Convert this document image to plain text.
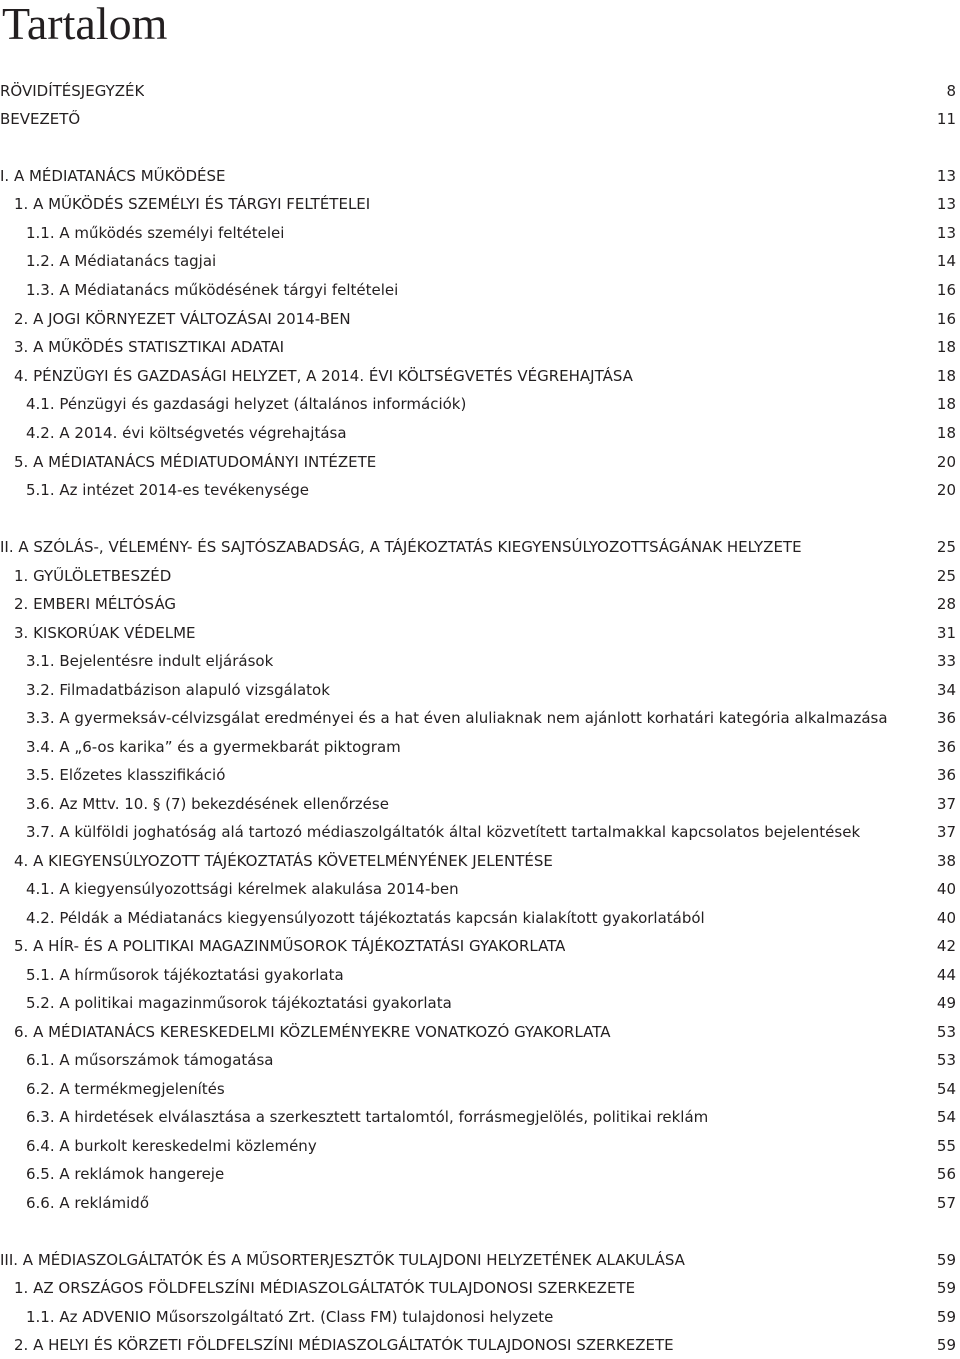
Tartalom
RÖVIDÍTÉSJEGYZÉK	8
BEVEZETŐ	11
I. A MÉDIATANÁCS MŰKÖDÉSE	13
1. A MŰKÖDÉS SZEMÉLYI ÉS TÁRGYI FELTÉTELEI	13
1.1. A működés személyi feltételei	13
1.2. A Médiatanács tagjai	14
1.3. A Médiatanács működésének tárgyi feltételei	16
2. A JOGI KÖRNYEZET VÁLTOZÁSAI 2014-BEN	16
3. A MŰKÖDÉS STATISZTIKAI ADATAI	18
4. PÉNZÜGYI ÉS GAZDASÁGI HELYZET, A 2014. ÉVI KÖLTSÉGVETÉS VÉGREHAJTÁSA	18
4.1. Pénzügyi és gazdasági helyzet (általános információk)	18
4.2. A 2014. évi költségvetés végrehajtása	18
5. A MÉDIATANÁCS MÉDIATUDOMÁNYI INTÉZETE	20
5.1. Az intézet 2014-es tevékenysége	20
II. A SZÓLÁS-, VÉLEMÉNY- ÉS SAJTÓSZABADSÁG, A TÁJÉKOZTATÁS KIEGYENSÚLYOZOTTSÁGÁNAK HELYZETE	25
1. GYŰLÖLETBESZÉD	25
2. EMBERI MÉLTÓSÁG	28
3. KISKORÚAK VÉDELME	31
3.1. Bejelentésre indult eljárások	33
3.2. Filmadatbázison alapuló vizsgálatok	34
3.3. A gyermeksáv-célvizsgálat eredményei és a hat éven aluliaknak nem ajánlott korhatári kategória alkalmazása	36
3.4. A „6-os karika” és a gyermekbarát piktogram	36
3.5. Előzetes klasszifikáció	36
3.6. Az Mttv. 10. § (7) bekezdésének ellenőrzése	37
3.7. A külföldi joghatóság alá tartozó médiaszolgáltatók által közvetített tartalmakkal kapcsolatos bejelentések	37
4. A KIEGYENSÚLYOZOTT TÁJÉKOZTATÁS KÖVETELMÉNYÉNEK JELENTÉSE	38
4.1. A kiegyensúlyozottsági kérelmek alakulása 2014-ben	40
4.2. Példák a Médiatanács kiegyensúlyozott tájékoztatás kapcsán kialakított gyakorlatából	40
5. A HÍR- ÉS A POLITIKAI MAGAZINMŰSOROK TÁJÉKOZTATÁSI GYAKORLATA	42
5.1. A hírműsorok tájékoztatási gyakorlata	44
5.2. A politikai magazinműsorok tájékoztatási gyakorlata	49
6. A MÉDIATANÁCS KERESKEDELMI KÖZLEMÉNYEKRE VONATKOZÓ GYAKORLATA	53
6.1. A műsorszámok támogatása	53
6.2. A termékmegjelenítés	54
6.3. A hirdetések elválasztása a szerkesztett tartalomtól, forrásmegjelölés, politikai reklám	54
6.4. A burkolt kereskedelmi közlemény	55
6.5. A reklámok hangereje	56
6.6. A reklámidő	57
III. A MÉDIASZOLGÁLTATÓK ÉS A MŰSORTERJESZTŐK TULAJDONI HELYZETÉNEK ALAKULÁSA	59
1. AZ ORSZÁGOS FÖLDFELSZÍNI MÉDIASZOLGÁLTATÓK TULAJDONOSI SZERKEZETE	59
1.1. Az ADVENIO Műsorszolgáltató Zrt. (Class FM) tulajdonosi helyzete	59
2. A HELYI ÉS KÖRZETI FÖLDFELSZÍNI MÉDIASZOLGÁLTATÓK TULAJDONOSI SZERKEZETE	59
